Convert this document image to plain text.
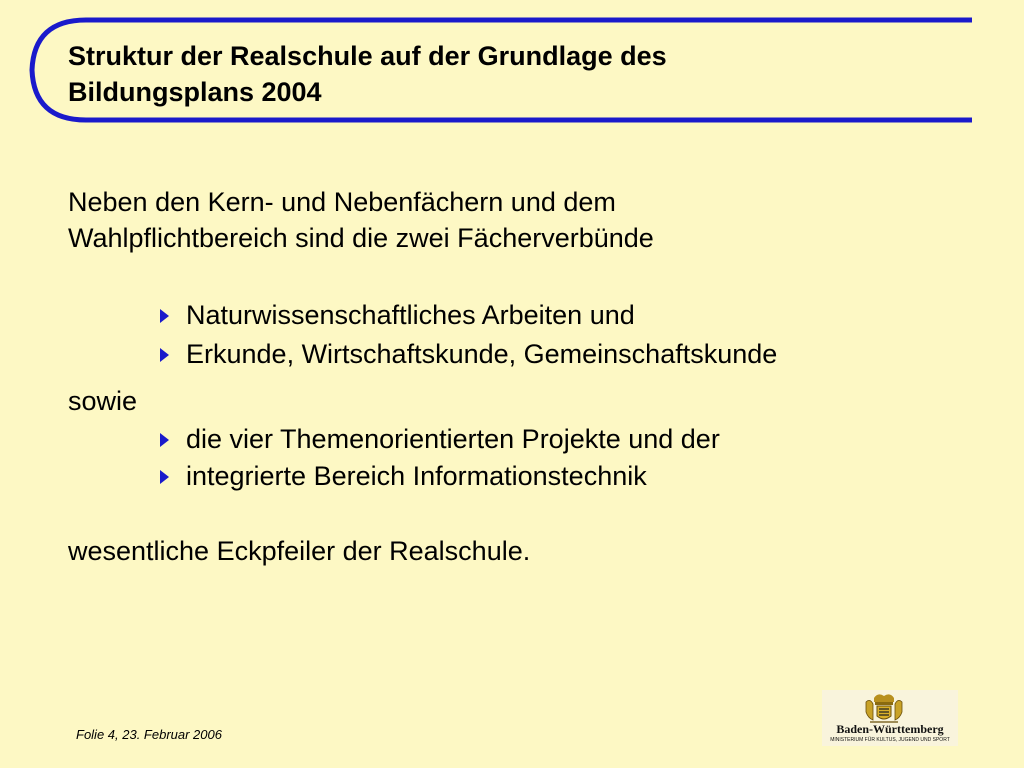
Struktur der Realschule auf der Grundlage des
Bildungsplans 2004
Neben den Kern- und Nebenfächern und dem
Wahlpflichtbereich sind die zwei Fächerverbünde
Naturwissenschaftliches Arbeiten und
Erkunde, Wirtschaftskunde, Gemeinschaftskunde
sowie
die vier Themenorientierten Projekte und der
integrierte Bereich Informationstechnik
wesentliche Eckpfeiler der Realschule.
Folie 4, 23. Februar 2006	Baden-Württemberg
MINISTERIUM FÜR KULTUS, JUGEND UND SPORT
